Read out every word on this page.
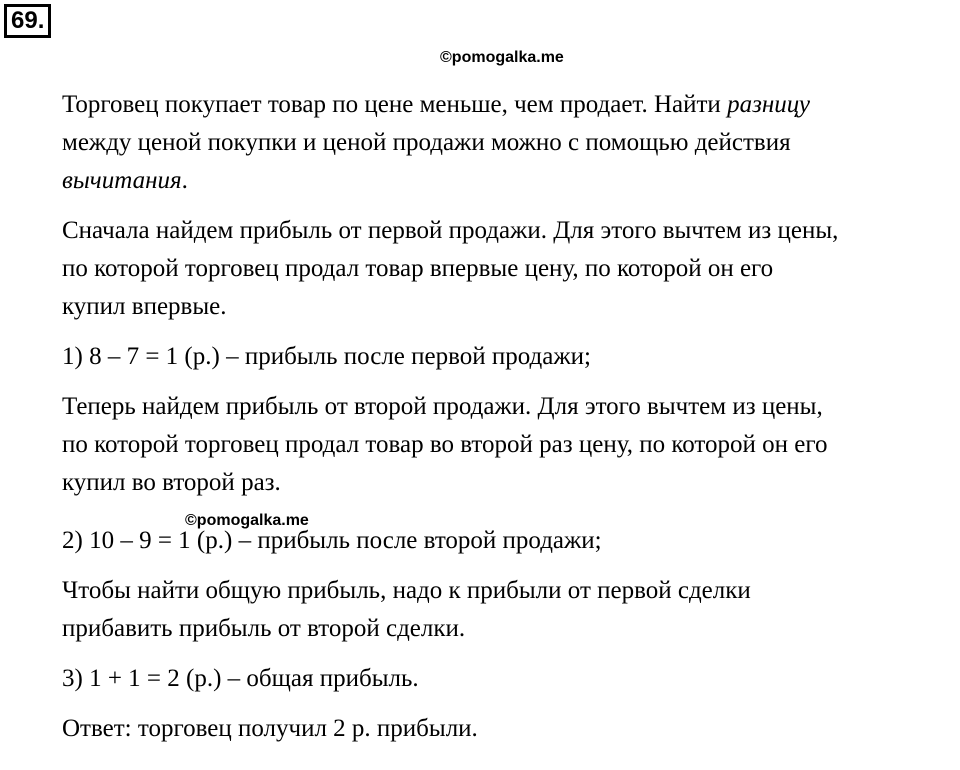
69.
©pomogalka.me
©pomogalka.me

Торговец покупает товар по цене меньше, чем продает. Найти разницу

между ценой покупки и ценой продажи можно с помощью действия

вычитания.

Сначала найдем прибыль от первой продажи. Для этого вычтем из цены,

по которой торговец продал товар впервые цену, по которой он его

купил впервые.

1) 8 – 7 = 1 (р.) – прибыль после первой продажи;

Теперь найдем прибыль от второй продажи. Для этого вычтем из цены,

по которой торговец продал товар во второй раз цену, по которой он его

купил во второй раз.

2) 10 – 9 = 1 (р.) – прибыль после второй продажи;

Чтобы найти общую прибыль, надо к прибыли от первой сделки

прибавить прибыль от второй сделки.

3) 1 + 1 = 2 (р.) – общая прибыль.

Ответ: торговец получил 2 р. прибыли.
